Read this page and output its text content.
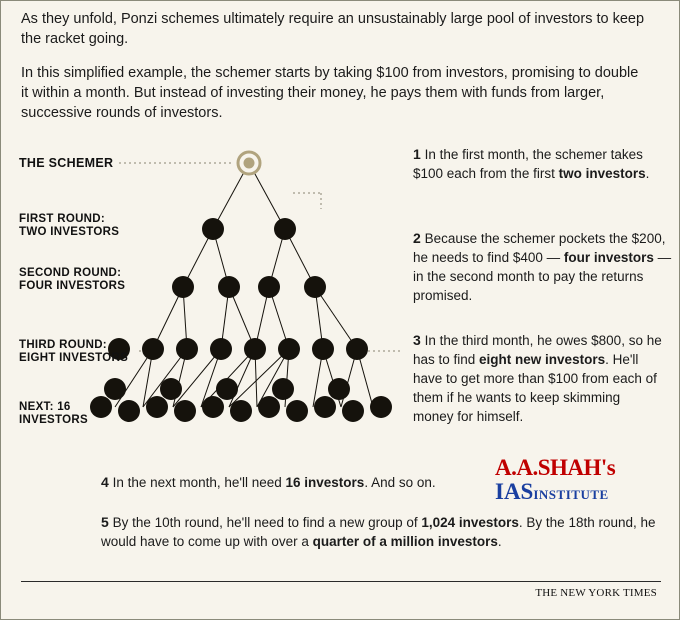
As they unfold, Ponzi schemes ultimately require an unsustainably large pool of investors to keep the racket going.

In this simplified example, the schemer starts by taking $100 from investors, promising to double it within a month. But instead of investing their money, he pays them with funds from larger, successive rounds of investors.

THE SCHEMER
FIRST ROUND:
TWO INVESTORS
SECOND ROUND:
FOUR INVESTORS
THIRD ROUND:
EIGHT INVESTORS
NEXT: 16
INVESTORS
1 In the first month, the schemer takes $100 each from the first two investors.
2 Because the schemer pockets the $200, he needs to find $400 — four investors — in the second month to pay the returns promised.
3 In the third month, he owes $800, so he has to find eight new investors. He'll have to get more than $100 from each of them if he wants to keep skimming money for himself.
4 In the next month, he'll need 16 investors. And so on.
5 By the 10th round, he'll need to find a new group of 1,024 investors. By the 18th round, he would have to come up with over a quarter of a million investors.
A.A.SHAH's
IASINSTITUTE
THE NEW YORK TIMES
